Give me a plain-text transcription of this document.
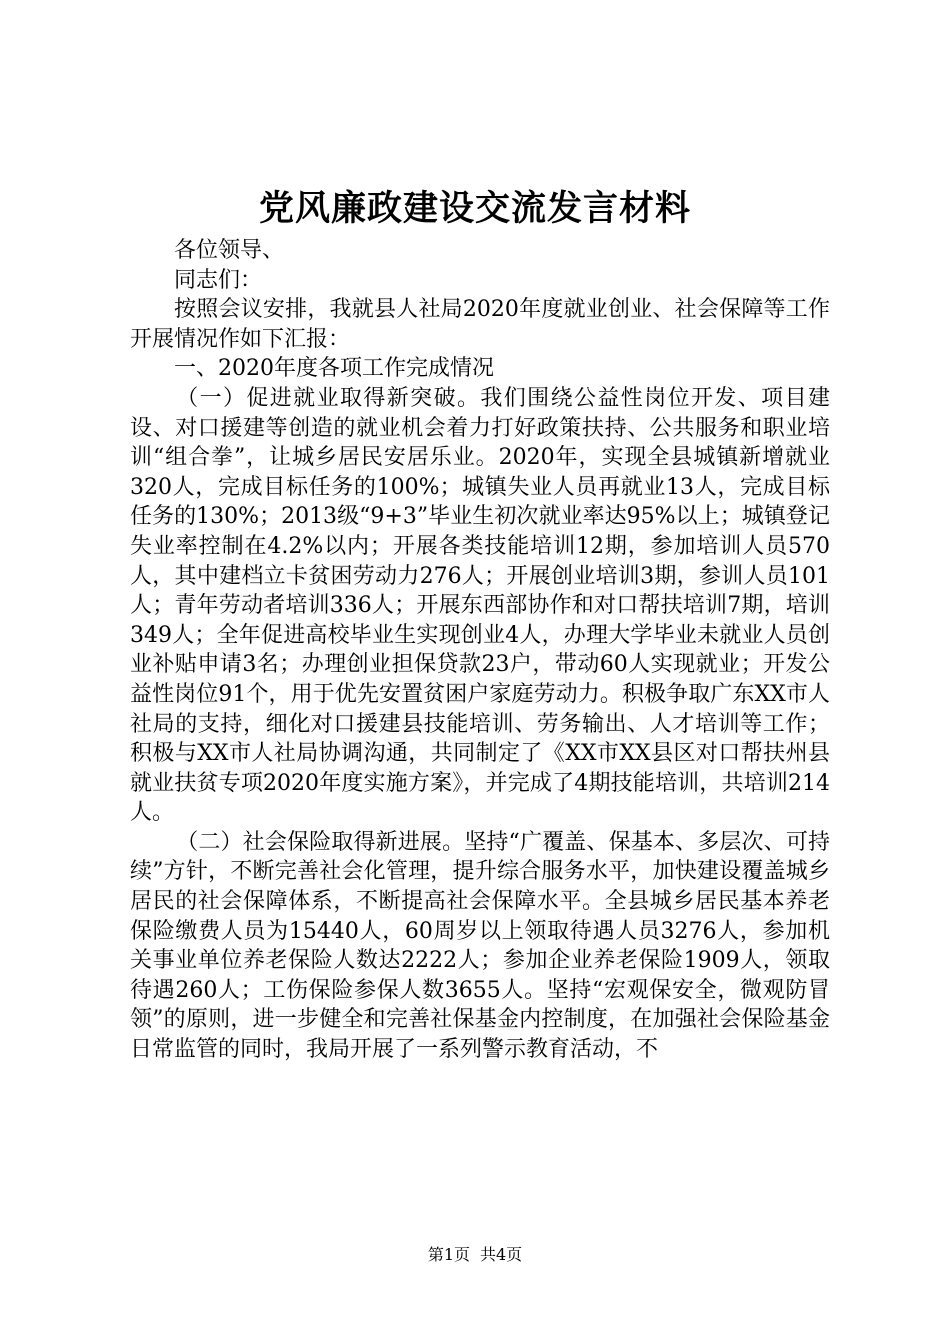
党风廉政建设交流发言材料

各位领导、

同志们：

按照会议安排，我就县人社局2020年度就业创业、社会保障等工作开展情况作如下汇报：

一、2020年度各项工作完成情况

（一）促进就业取得新突破。我们围绕公益性岗位开发、项目建设、对口援建等创造的就业机会着力打好政策扶持、公共服务和职业培训“组合拳”，让城乡居民安居乐业。2020年，实现全县城镇新增就业320人，完成目标任务的100%；城镇失业人员再就业13人，完成目标任务的130%；2013级“9+3”毕业生初次就业率达95%以上；城镇登记失业率控制在4.2%以内；开展各类技能培训12期，参加培训人员570人，其中建档立卡贫困劳动力276人；开展创业培训3期，参训人员101人；青年劳动者培训336人；开展东西部协作和对口帮扶培训7期，培训349人；全年促进高校毕业生实现创业4人，办理大学毕业未就业人员创业补贴申请3名；办理创业担保贷款23户，带动60人实现就业；开发公益性岗位91个，用于优先安置贫困户家庭劳动力。积极争取广东XX市人社局的支持，细化对口援建县技能培训、劳务输出、人才培训等工作；积极与XX市人社局协调沟通，共同制定了《XX市XX县区对口帮扶州县就业扶贫专项2020年度实施方案》，并完成了4期技能培训，共培训214人。

（二）社会保险取得新进展。坚持“广覆盖、保基本、多层次、可持续”方针，不断完善社会化管理，提升综合服务水平，加快建设覆盖城乡居民的社会保障体系，不断提高社会保障水平。全县城乡居民基本养老保险缴费人员为15440人，60周岁以上领取待遇人员3276人，参加机关事业单位养老保险人数达2222人；参加企业养老保险1909人，领取待遇260人；工伤保险参保人数3655人。坚持“宏观保安全，微观防冒领”的原则，进一步健全和完善社保基金内控制度，在加强社会保险基金日常监管的同时，我局开展了一系列警示教育活动，不

第1页 共4页
